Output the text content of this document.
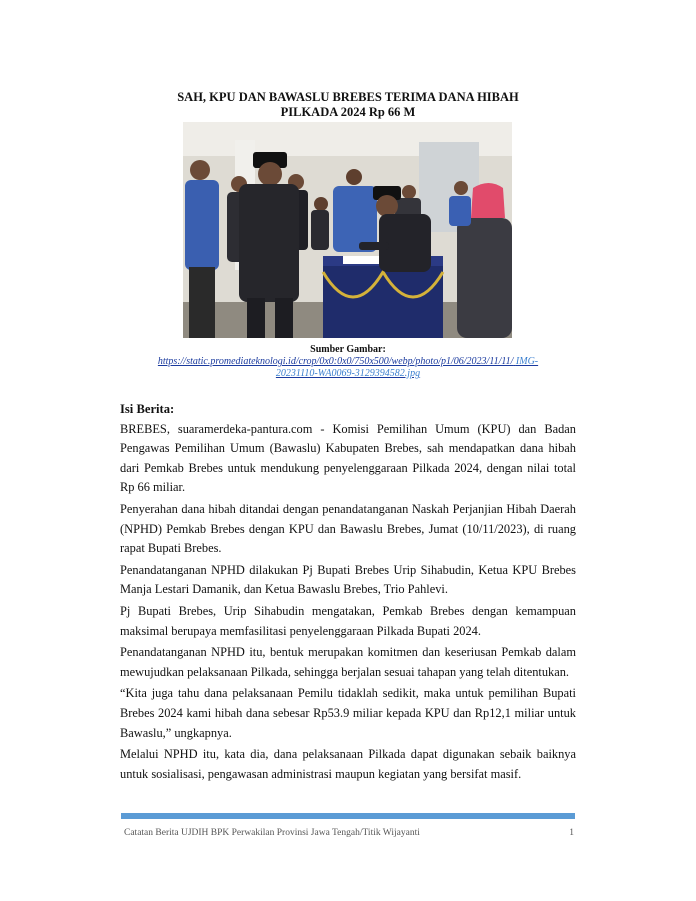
SAH, KPU DAN BAWASLU BREBES TERIMA DANA HIBAH
PILKADA 2024 Rp 66 M
Sumber Gambar:
https://static.promediateknologi.id/crop/0x0:0x0/750x500/webp/photo/p1/06/2023/11/11/ IMG-
20231110-WA0069-3129394582.jpg
Isi Berita:

BREBES, suaramerdeka-pantura.com - Komisi Pemilihan Umum (KPU) dan Badan Pengawas Pemilihan Umum (Bawaslu) Kabupaten Brebes, sah mendapatkan dana hibah dari Pemkab Brebes untuk mendukung penyelenggaraan Pilkada 2024, dengan nilai total Rp 66 miliar.

Penyerahan dana hibah ditandai dengan penandatanganan Naskah Perjanjian Hibah Daerah (NPHD) Pemkab Brebes dengan KPU dan Bawaslu Brebes, Jumat (10/11/2023), di ruang rapat Bupati Brebes.

Penandatanganan NPHD dilakukan Pj Bupati Brebes Urip Sihabudin, Ketua KPU Brebes Manja Lestari Damanik, dan Ketua Bawaslu Brebes, Trio Pahlevi.

Pj Bupati Brebes, Urip Sihabudin mengatakan, Pemkab Brebes dengan kemampuan maksimal berupaya memfasilitasi penyelenggaraan Pilkada Bupati 2024.

Penandatanganan NPHD itu, bentuk merupakan komitmen dan keseriusan Pemkab dalam mewujudkan pelaksanaan Pilkada, sehingga berjalan sesuai tahapan yang telah ditentukan.

“Kita juga tahu dana pelaksanaan Pemilu tidaklah sedikit, maka untuk pemilihan Bupati Brebes 2024 kami hibah dana sebesar Rp53.9 miliar kepada KPU dan Rp12,1 miliar untuk Bawaslu,” ungkapnya.

Melalui NPHD itu, kata dia, dana pelaksanaan Pilkada dapat digunakan sebaik baiknya untuk sosialisasi, pengawasan administrasi maupun kegiatan yang bersifat masif.

Catatan Berita UJDIH BPK Perwakilan Provinsi Jawa Tengah/Titik Wijayanti	1
